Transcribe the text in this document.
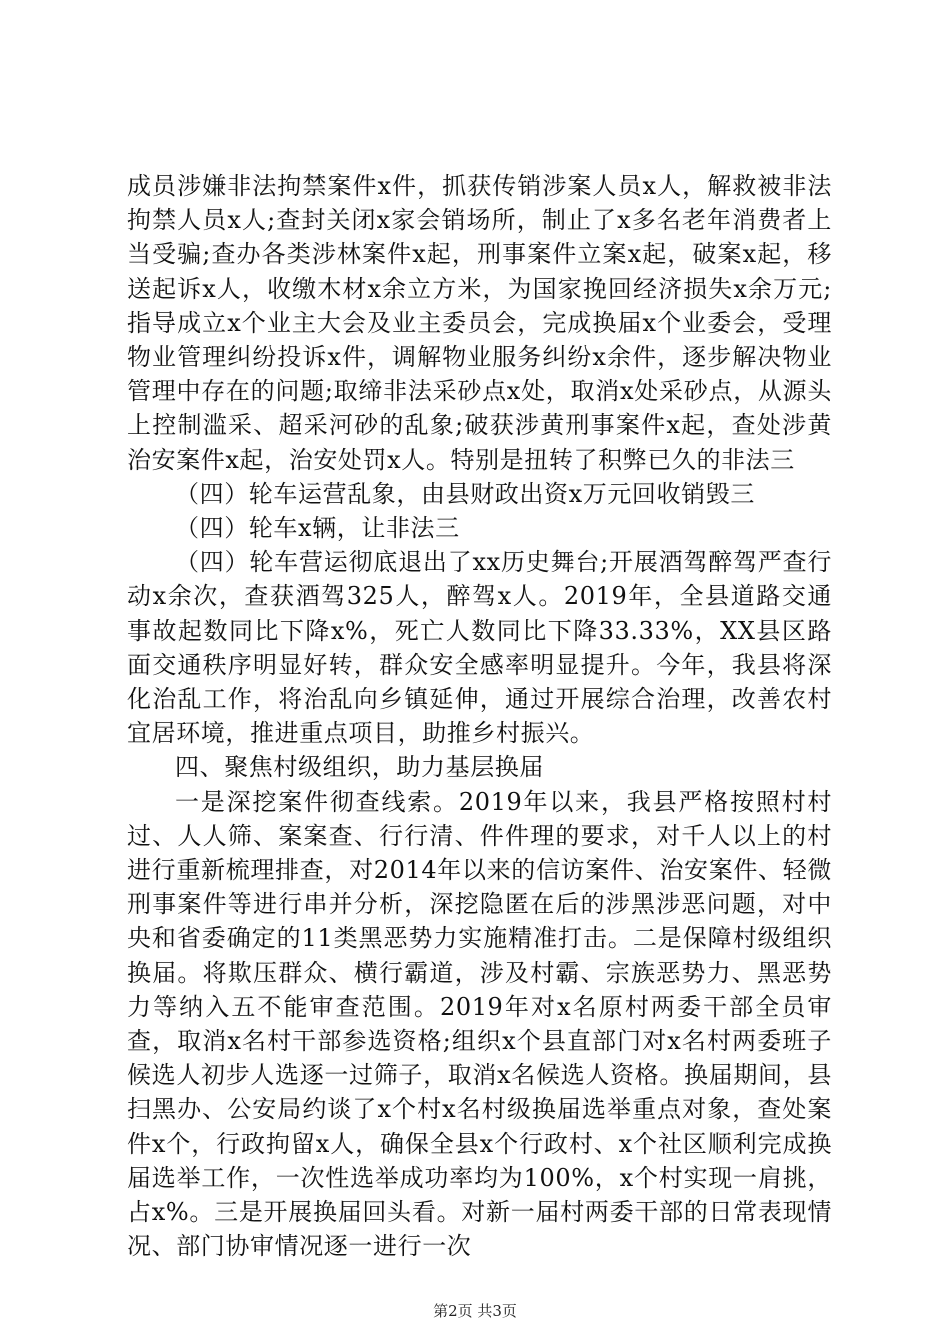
成员涉嫌非法拘禁案件x件，抓获传销涉案人员x人，解救被非法拘禁人员x人;查封关闭x家会销场所，制止了x多名老年消费者上当受骗;查办各类涉林案件x起，刑事案件立案x起，破案x起，移送起诉x人，收缴木材x余立方米，为国家挽回经济损失x余万元;指导成立x个业主大会及业主委员会，完成换届x个业委会，受理物业管理纠纷投诉x件，调解物业服务纠纷x余件，逐步解决物业管理中存在的问题;取缔非法采砂点x处，取消x处采砂点，从源头上控制滥采、超采河砂的乱象;破获涉黄刑事案件x起，查处涉黄治安案件x起，治安处罚x人。特别是扭转了积弊已久的非法三

（四）轮车运营乱象，由县财政出资x万元回收销毁三

（四）轮车x辆，让非法三

（四）轮车营运彻底退出了xx历史舞台;开展酒驾醉驾严查行动x余次，查获酒驾325人，醉驾x人。2019年，全县道路交通事故起数同比下降x%，死亡人数同比下降33.33%，XX县区路面交通秩序明显好转，群众安全感率明显提升。今年，我县将深化治乱工作，将治乱向乡镇延伸，通过开展综合治理，改善农村宜居环境，推进重点项目，助推乡村振兴。

四、聚焦村级组织，助力基层换届

一是深挖案件彻查线索。2019年以来，我县严格按照村村过、人人筛、案案查、行行清、件件理的要求，对千人以上的村进行重新梳理排查，对2014年以来的信访案件、治安案件、轻微刑事案件等进行串并分析，深挖隐匿在后的涉黑涉恶问题，对中央和省委确定的11类黑恶势力实施精准打击。二是保障村级组织换届。将欺压群众、横行霸道，涉及村霸、宗族恶势力、黑恶势力等纳入五不能审查范围。2019年对x名原村两委干部全员审查，取消x名村干部参选资格;组织x个县直部门对x名村两委班子候选人初步人选逐一过筛子，取消x名候选人资格。换届期间，县扫黑办、公安局约谈了x个村x名村级换届选举重点对象，查处案件x个，行政拘留x人，确保全县x个行政村、x个社区顺利完成换届选举工作，一次性选举成功率均为100%，x个村实现一肩挑，占x%。三是开展换届回头看。对新一届村两委干部的日常表现情况、部门协审情况逐一进行一次

第2页 共3页
